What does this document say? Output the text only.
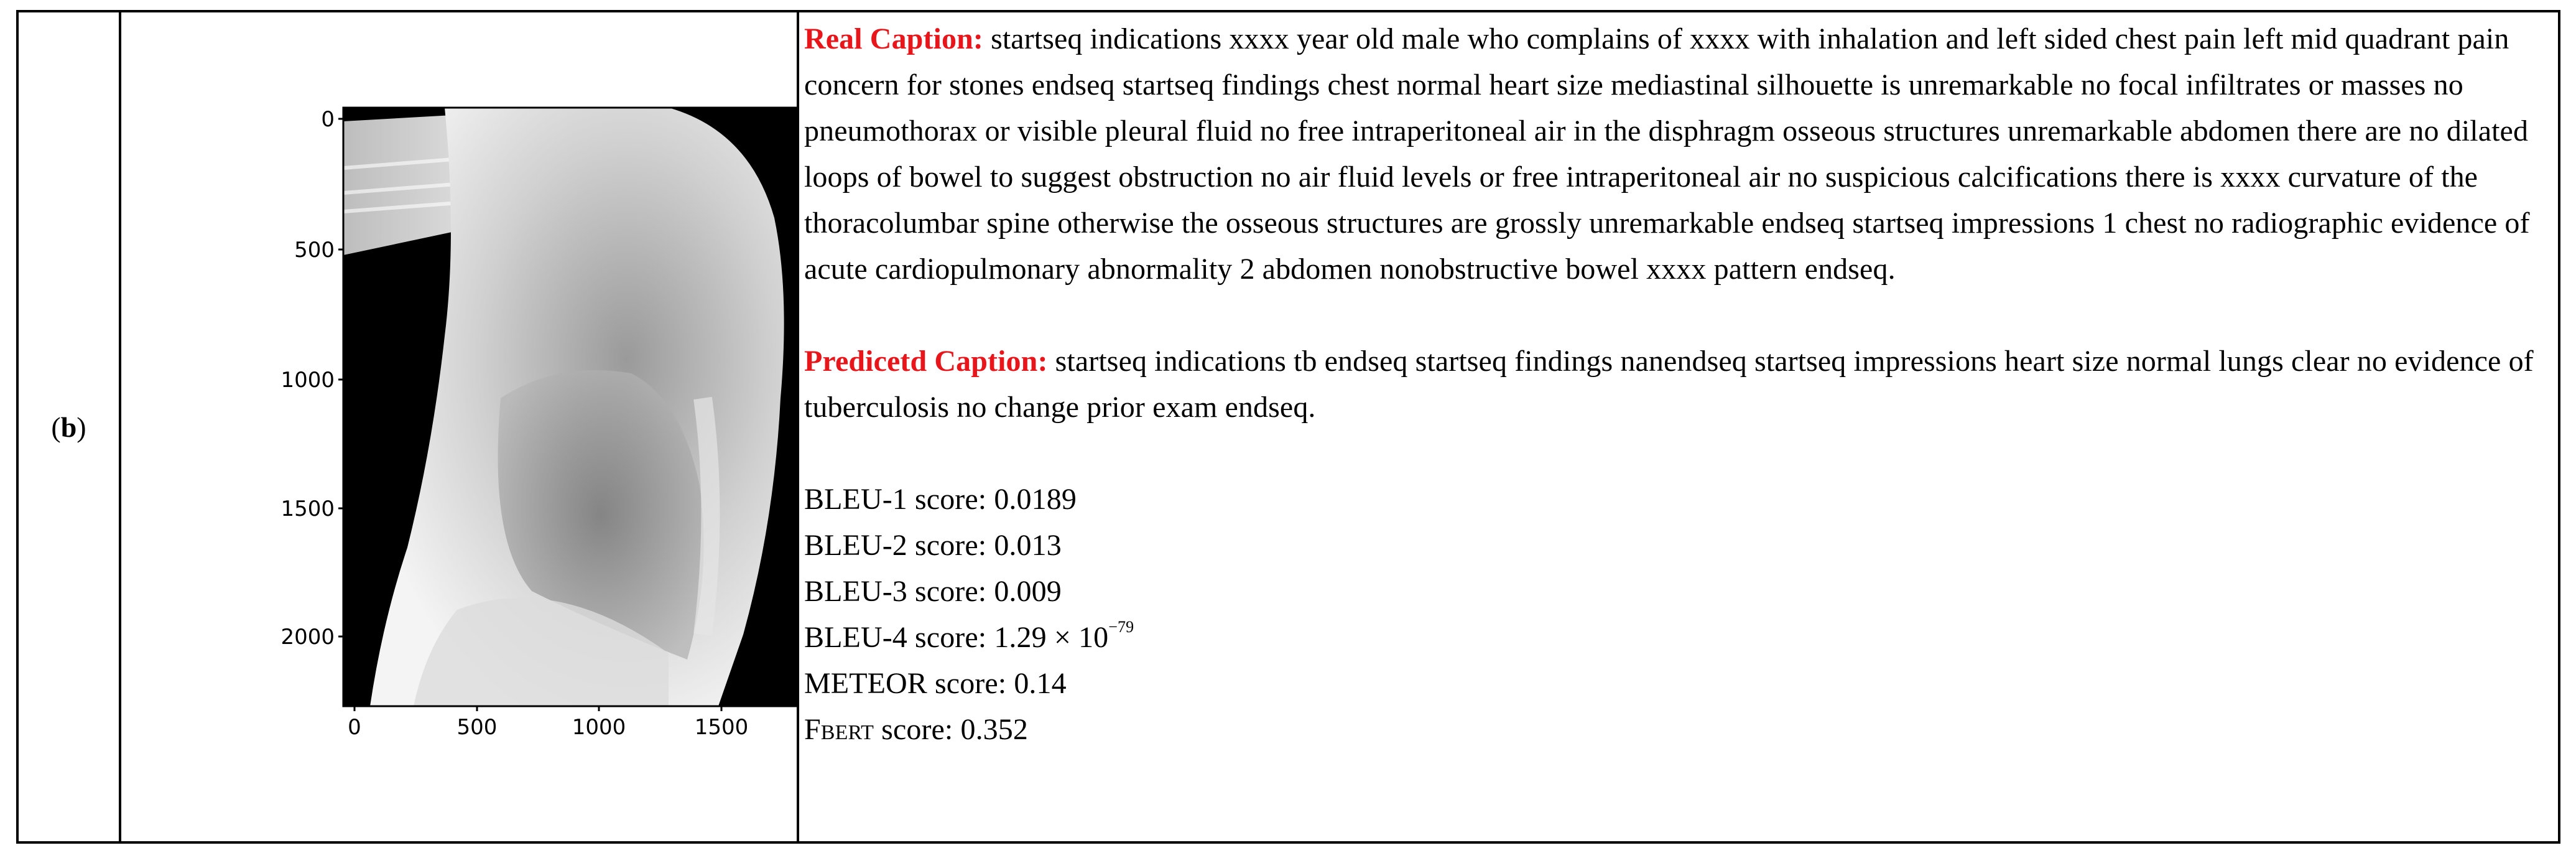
(b)
0
500
1000
1500
2000
0	500	1000	1500

Real Caption: startseq indications xxxx year old male who complains of xxxx with inhalation and left sided chest pain left mid quadrant pain concern for stones endseq startseq findings chest normal heart size mediastinal silhouette is unremarkable no focal infiltrates or masses no pneumothorax or visible pleural fluid no free intraperitoneal air in the disphragm osseous structures unremarkable abdomen there are no dilated loops of bowel to suggest obstruction no air fluid levels or free intraperitoneal air no suspicious calcifications there is xxxx curvature of the thoracolumbar spine otherwise the osseous structures are grossly unremarkable endseq startseq impressions 1 chest no radiographic evidence of acute cardiopulmonary abnormality 2 abdomen nonobstructive bowel xxxx pattern endseq.

Predicetd Caption: startseq indications tb endseq startseq findings nanendseq startseq impressions heart size normal lungs clear no evidence of tuberculosis no change prior exam endseq.

BLEU-1 score: 0.0189
BLEU-2 score: 0.013
BLEU-3 score: 0.009
BLEU-4 score: $1.29 \times 10^{-79}$
METEOR score: 0.14
FBERT score: 0.352
